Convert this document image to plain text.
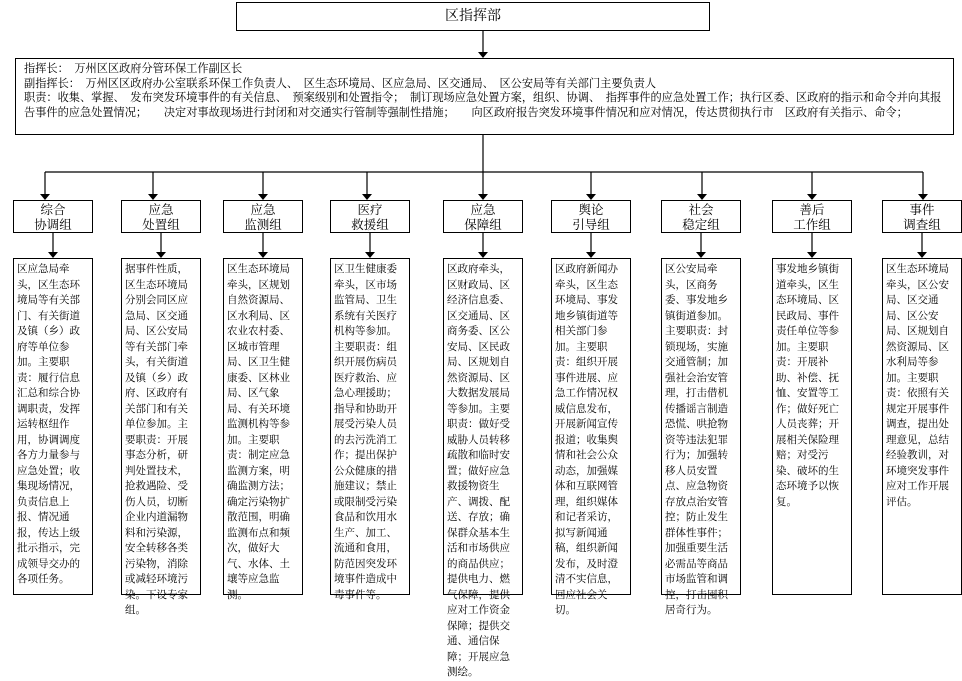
区指挥部
指挥长：　万州区区政府分管环保工作副区长
副指挥长：　万州区区政府办公室联系环保工作负责人、　区生态环境局、区应急局、区交通局、　区公安局等有关部门主要负责人
职责：收集、掌握、　发布突发环境事件的有关信息、　预案级别和处置指令；　制订现场应急处置方案，组织、协调、　指挥事件的应急处置工作；执行区委、区政府的指示和命令并向其报告事件的应急处置情况；　　决定对事故现场进行封闭和对交通实行管制等强制性措施；　　向区政府报告突发环境事件情况和应对情况，传达贯彻执行市　区政府有关指示、命令；
综合
协调组
区应急局牵头，区生态环境局等有关部门、有关街道及镇（乡）政府等单位参加。主要职责：履行信息汇总和综合协调职责，发挥运转枢纽作用，协调调度各方力量参与应急处置；收集现场情况，负责信息上报、情况通报，传达上级批示指示，完成领导交办的各项任务。
应急
处置组
据事件性质，区生态环境局分别会同区应急局、区交通局、区公安局等有关部门牵头，有关街道及镇（乡）政府、区政府有关部门和有关单位参加。主要职责：开展事态分析，研判处置技术，抢救遇险、受伤人员，切断企业内道漏物料和污染源，安全转移各类污染物，消除或减轻环境污染。下设专家组。
应急
监测组
区生态环境局牵头，区规划自然资源局、区水利局、区农业农村委、区城市管理局、区卫生健康委、区林业局、区气象局、有关环境监测机构等参加。主要职责：制定应急监测方案，明确监测方法；确定污染物扩散范围，明确监测布点和频次，做好大气、水体、土壤等应急监测。
医疗
救援组
区卫生健康委牵头，区市场监管局、卫生系统有关医疗机构等参加。主要职责：组织开展伤病员医疗救治、应急心理援助；指导和协助开展受污染人员的去污洗消工作；提出保护公众健康的措施建议；禁止或限制受污染食品和饮用水生产、加工、流通和食用，防范因突发环境事件造成中毒事件等。
应急
保障组
区政府牵头，区财政局、区经济信息委、区交通局、区商务委、区公安局、区民政局、区规划自然资源局、区大数据发展局等参加。主要职责：做好受威胁人员转移疏散和临时安置；做好应急救援物资生产、调拨、配送、存放；确保群众基本生活和市场供应的商品供应；提供电力、燃气保障，提供应对工作资金保障；提供交通、通信保障；开展应急测绘。
舆论
引导组
区政府新闻办牵头，区生态环境局、事发地乡镇街道等相关部门参加。主要职责：组织开展事件进展、应急工作情况权威信息发布，开展新闻宣传报道；收集舆情和社会公众动态，加强媒体和互联网管理，组织媒体和记者采访，拟写新闻通稿，组织新闻发布，及时澄清不实信息，回应社会关切。
社会
稳定组
区公安局牵头，区商务委、事发地乡镇街道参加。主要职责：封锁现场，实施交通管制；加强社会治安管理，打击借机传播谣言制造恐慌、哄抢物资等违法犯罪行为；加强转移人员安置点、应急物资存放点治安管控；防止发生群体性事件；加强重要生活必需品等商品市场监管和调控，打击囤积居奇行为。
善后
工作组
事发地乡镇街道牵头，区生态环境局、区民政局、事件责任单位等参加。主要职责：开展补助、补偿、抚恤、安置等工作；做好死亡人员丧葬；开展相关保险理赔；对受污染、破坏的生态环境予以恢复。
事件
调查组
区生态环境局牵头，区公安局、区交通局、区公安局、区规划自然资源局、区水利局等参加。主要职责：依照有关规定开展事件调查，提出处理意见，总结经验教训，对环境突发事件应对工作开展评估。
